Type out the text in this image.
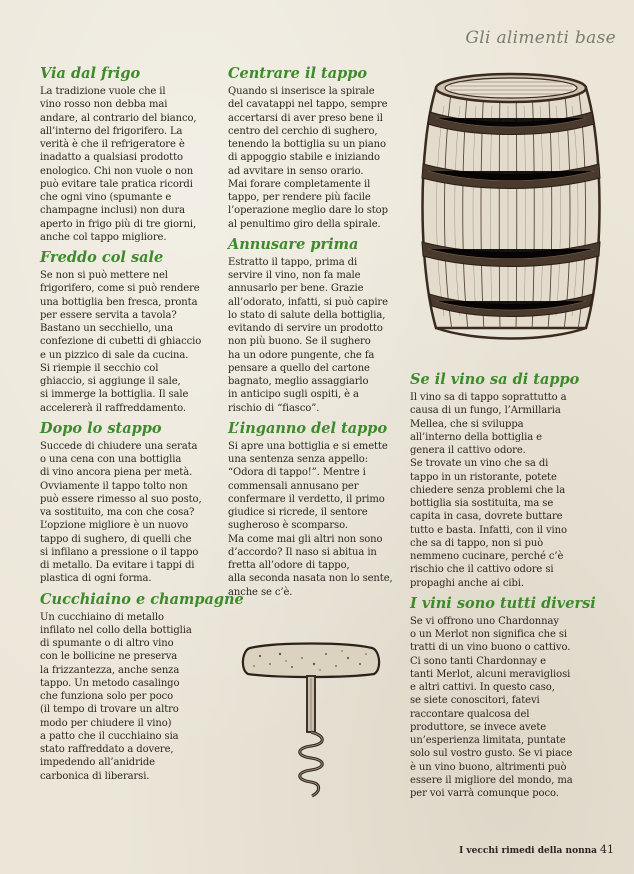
Gli alimenti base
Via dal frigo

La tradizione vuole che il

vino rosso non debba mai

andare, al contrario del bianco,

all’interno del frigorifero. La

verità è che il refrigeratore è

inadatto a qualsiasi prodotto

enologico. Chi non vuole o non

può evitare tale pratica ricordi

che ogni vino (spumante e

champagne inclusi) non dura

aperto in frigo più di tre giorni,

anche col tappo migliore.

Freddo col sale

Se non si può mettere nel

frigorifero, come si può rendere

una bottiglia ben fresca, pronta

per essere servita a tavola?

Bastano un secchiello, una

confezione di cubetti di ghiaccio

e un pizzico di sale da cucina.

Si riempie il secchio col

ghiaccio, si aggiunge il sale,

si immerge la bottiglia. Il sale

accelererà il raffreddamento.

Dopo lo stappo

Succede di chiudere una serata

o una cena con una bottiglia

di vino ancora piena per metà.

Ovviamente il tappo tolto non

può essere rimesso al suo posto,

va sostituito, ma con che cosa?

L’opzione migliore è un nuovo

tappo di sughero, di quelli che

si infilano a pressione o il tappo

di metallo. Da evitare i tappi di

plastica di ogni forma.

Cucchiaino e champagne

Un cucchiaino di metallo

infilato nel collo della bottiglia

di spumante o di altro vino

con le bollicine ne preserva

la frizzantezza, anche senza

tappo. Un metodo casalingo

che funziona solo per poco

(il tempo di trovare un altro

modo per chiudere il vino)

a patto che il cucchiaino sia

stato raffreddato a dovere,

impedendo all’anidride

carbonica di liberarsi.

Centrare il tappo

Quando si inserisce la spirale

del cavatappi nel tappo, sempre

accertarsi di aver preso bene il

centro del cerchio di sughero,

tenendo la bottiglia su un piano

di appoggio stabile e iniziando

ad avvitare in senso orario.

Mai forare completamente il

tappo, per rendere più facile

l’operazione meglio dare lo stop

al penultimo giro della spirale.

Annusare prima

Estratto il tappo, prima di

servire il vino, non fa male

annusarlo per bene. Grazie

all’odorato, infatti, si può capire

lo stato di salute della bottiglia,

evitando di servire un prodotto

non più buono. Se il sughero

ha un odore pungente, che fa

pensare a quello del cartone

bagnato, meglio assaggiarlo

in anticipo sugli ospiti, è a

rischio di “fiasco”.

L’inganno del tappo

Si apre una bottiglia e si emette

una sentenza senza appello:

“Odora di tappo!”. Mentre i

commensali annusano per

confermare il verdetto, il primo

giudice si ricrede, il sentore

sugheroso è scomparso.

Ma come mai gli altri non sono

d’accordo? Il naso si abitua in

fretta all’odore di tappo,

alla seconda nasata non lo sente,

anche se c’è.

Se il vino sa di tappo

Il vino sa di tappo soprattutto a

causa di un fungo, l’Armillaria

Mellea, che si sviluppa

all’interno della bottiglia e

genera il cattivo odore.

Se trovate un vino che sa di

tappo in un ristorante, potete

chiedere senza problemi che la

bottiglia sia sostituita, ma se

capita in casa, dovrete buttare

tutto e basta. Infatti, con il vino

che sa di tappo, non si può

nemmeno cucinare, perché c’è

rischio che il cattivo odore si

propaghi anche ai cibi.

I vini sono tutti diversi

Se vi offrono uno Chardonnay

o un Merlot non significa che si

tratti di un vino buono o cattivo.

Ci sono tanti Chardonnay e

tanti Merlot, alcuni meravigliosi

e altri cattivi. In questo caso,

se siete conoscitori, fatevi

raccontare qualcosa del

produttore, se invece avete

un’esperienza limitata, puntate

solo sul vostro gusto. Se vi piace

è un vino buono, altrimenti può

essere il migliore del mondo, ma

per voi varrà comunque poco.

I vecchi rimedi della nonna 41
